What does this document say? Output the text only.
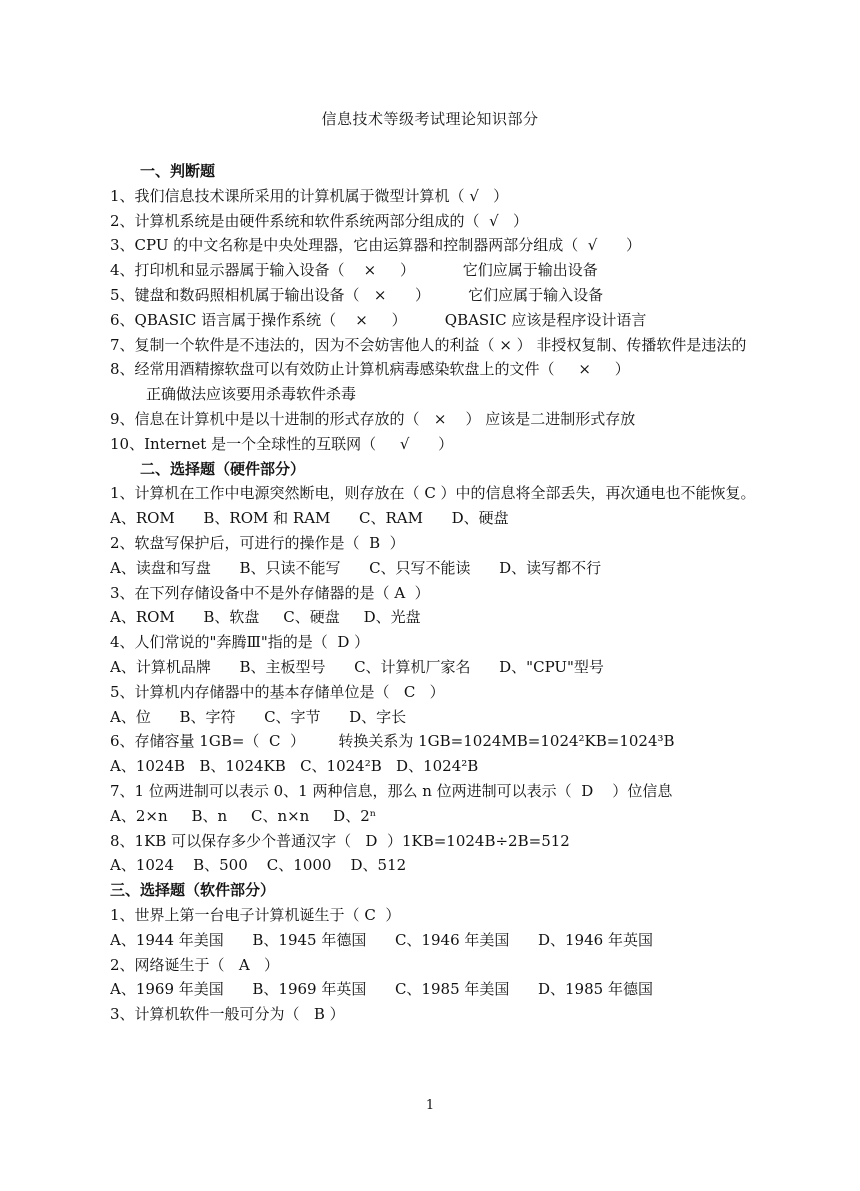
信息技术等级考试理论知识部分
一、判断题
1、我们信息技术课所采用的计算机属于微型计算机（ √   ）
2、计算机系统是由硬件系统和软件系统两部分组成的（  √   ）
3、CPU 的中文名称是中央处理器，它由运算器和控制器两部分组成（  √      ）
4、打印机和显示器属于输入设备（    ×     ）          它们应属于输出设备
5、键盘和数码照相机属于输出设备（   ×      ）        它们应属于输入设备
6、QBASIC 语言属于操作系统（    ×     ）        QBASIC 应该是程序设计语言
7、复制一个软件是不违法的，因为不会妨害他人的利益（ × ） 非授权复制、传播软件是违法的
8、经常用酒精擦软盘可以有效防止计算机病毒感染软盘上的文件（     ×     ）
正确做法应该要用杀毒软件杀毒
9、信息在计算机中是以十进制的形式存放的（   ×    ） 应该是二进制形式存放
10、Internet 是一个全球性的互联网（     √      ）
二、选择题（硬件部分）
1、计算机在工作中电源突然断电，则存放在（ C ）中的信息将全部丢失，再次通电也不能恢复。
A、ROM      B、ROM 和 RAM      C、RAM      D、硬盘
2、软盘写保护后，可进行的操作是（  B  ）
A、读盘和写盘      B、只读不能写      C、只写不能读      D、读写都不行
3、在下列存储设备中不是外存储器的是（ A  ）
A、ROM      B、软盘     C、硬盘     D、光盘
4、人们常说的"奔腾Ⅲ"指的是（  D ）
A、计算机品牌      B、主板型号      C、计算机厂家名      D、"CPU"型号
5、计算机内存储器中的基本存储单位是（   C   ）
A、位      B、字符      C、字节      D、字长
6、存储容量 1GB=（  C  ）       转换关系为 1GB=1024MB=1024²KB=1024³B
A、1024B   B、1024KB   C、1024²B   D、1024²B
7、1 位两进制可以表示 0、1 两种信息，那么 n 位两进制可以表示（  D    ）位信息
A、2×n     B、n     C、n×n     D、2ⁿ
8、1KB 可以保存多少个普通汉字（   D  ）1KB=1024B÷2B=512
A、1024    B、500    C、1000    D、512
三、选择题（软件部分）
1、世界上第一台电子计算机诞生于（ C  ）
A、1944 年美国      B、1945 年德国      C、1946 年美国      D、1946 年英国
2、网络诞生于（   A   ）
A、1969 年美国      B、1969 年英国      C、1985 年美国      D、1985 年德国
3、计算机软件一般可分为（   B ）
1
